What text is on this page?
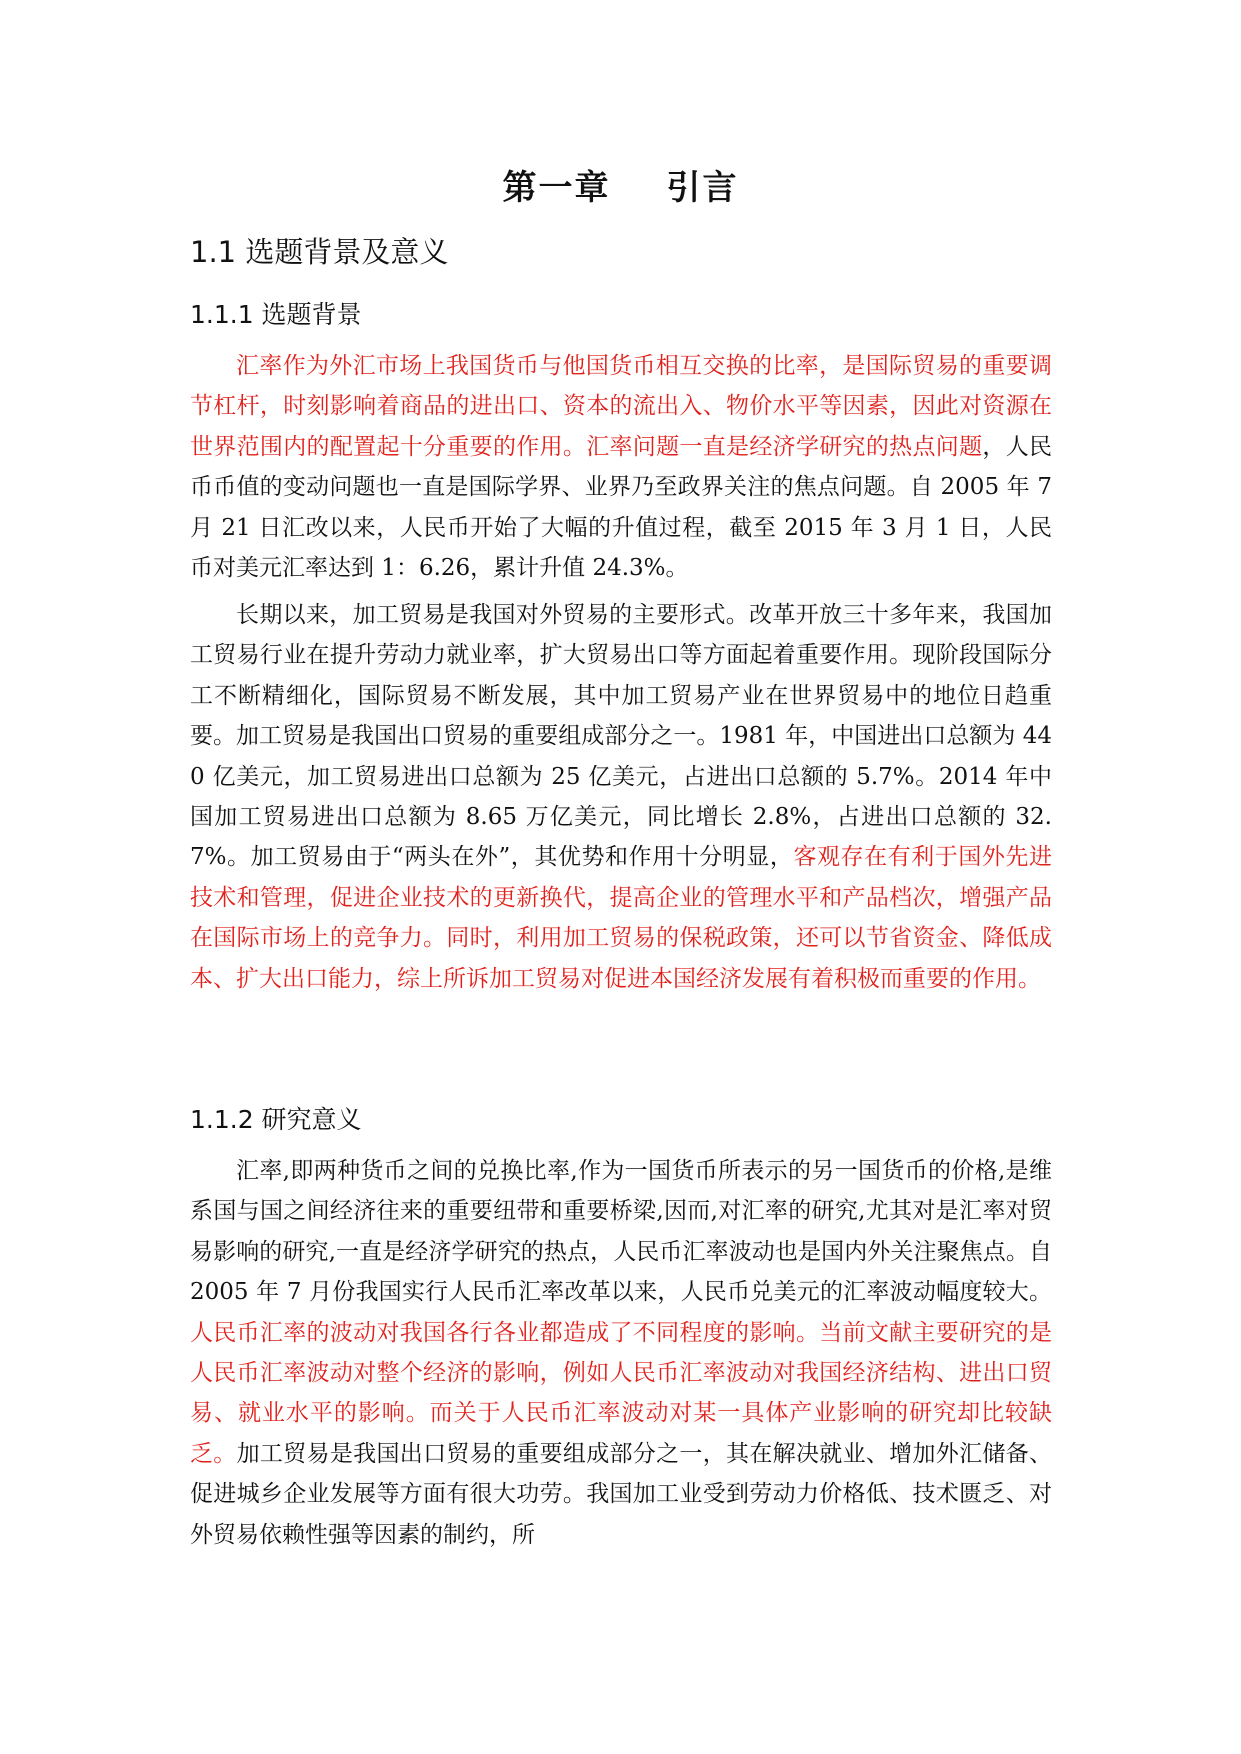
第一章 引言
1.1 选题背景及意义
1.1.1 选题背景

汇率作为外汇市场上我国货币与他国货币相互交换的比率，是国际贸易的重要调节杠杆，时刻影响着商品的进出口、资本的流出入、物价水平等因素，因此对资源在世界范围内的配置起十分重要的作用。汇率问题一直是经济学研究的热点问题，人民币币值的变动问题也一直是国际学界、业界乃至政界关注的焦点问题。自 2005 年 7 月 21 日汇改以来，人民币开始了大幅的升值过程，截至 2015 年 3 月 1 日，人民币对美元汇率达到 1：6.26，累计升值 24.3%。

长期以来，加工贸易是我国对外贸易的主要形式。改革开放三十多年来，我国加工贸易行业在提升劳动力就业率，扩大贸易出口等方面起着重要作用。现阶段国际分工不断精细化，国际贸易不断发展，其中加工贸易产业在世界贸易中的地位日趋重要。加工贸易是我国出口贸易的重要组成部分之一。1981 年，中国进出口总额为 440 亿美元，加工贸易进出口总额为 25 亿美元，占进出口总额的 5.7%。2014 年中国加工贸易进出口总额为 8.65 万亿美元，同比增长 2.8%，占进出口总额的 32.7%。加工贸易由于“两头在外”，其优势和作用十分明显，客观存在有利于国外先进技术和管理，促进企业技术的更新换代，提高企业的管理水平和产品档次，增强产品在国际市场上的竞争力。同时，利用加工贸易的保税政策，还可以节省资金、降低成本、扩大出口能力，综上所诉加工贸易对促进本国经济发展有着积极而重要的作用。

1.1.2 研究意义

汇率,即两种货币之间的兑换比率,作为一国货币所表示的另一国货币的价格,是维系国与国之间经济往来的重要纽带和重要桥梁,因而,对汇率的研究,尤其对是汇率对贸易影响的研究,一直是经济学研究的热点，人民币汇率波动也是国内外关注聚焦点。自 2005 年 7 月份我国实行人民币汇率改革以来，人民币兑美元的汇率波动幅度较大。人民币汇率的波动对我国各行各业都造成了不同程度的影响。当前文献主要研究的是人民币汇率波动对整个经济的影响，例如人民币汇率波动对我国经济结构、进出口贸易、就业水平的影响。而关于人民币汇率波动对某一具体产业影响的研究却比较缺乏。加工贸易是我国出口贸易的重要组成部分之一，其在解决就业、增加外汇储备、促进城乡企业发展等方面有很大功劳。我国加工业受到劳动力价格低、技术匮乏、对外贸易依赖性强等因素的制约，所
